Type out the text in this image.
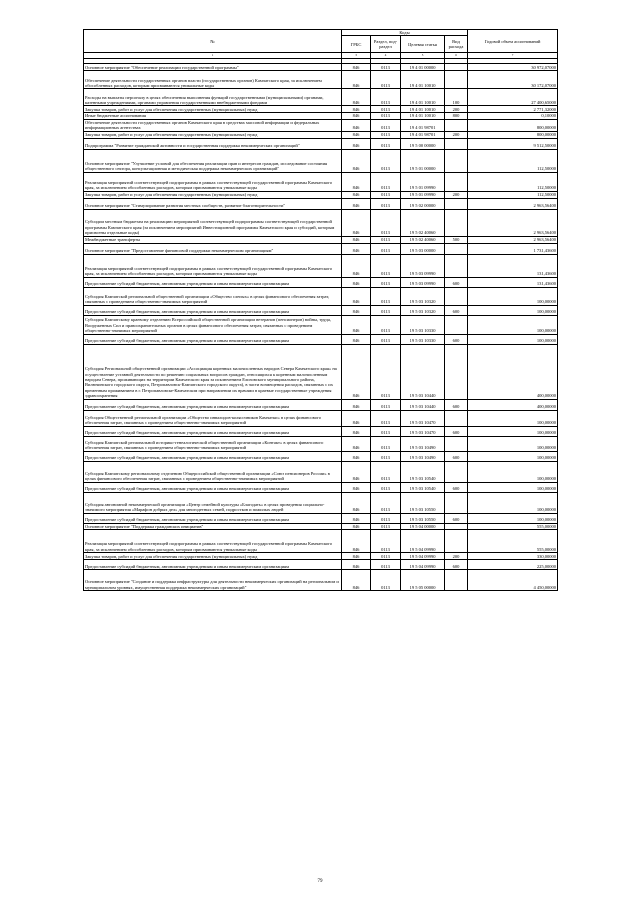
№	Коды				Годовой объем ассигнований
	ГРБС	Раздел, под-раздел	Целевая статья	Вид расхода	
1	3	4	5	6	7

Основное мероприятие "Обеспечение реализации государственной программы"	846	0113	19 4 01 00000		30 972,07000
Обеспечение деятельности государственных органов власти (государственных органов) Камчатского края, за исключением обособленных расходов, которым присваиваются уникальные коды	846	0113	19 4 01 10010		30 172,07000
Расходы на выплаты персоналу в целях обеспечения выполнения функций государственными (муниципальными) органами, казенными учреждениями, органами управления государственными внебюджетными фондами	846	0113	19 4 01 10010	100	27 400,65000
Закупка товаров, работ и услуг для обеспечения государственных (муниципальных) нужд	846	0113	19 4 01 10010	200	2 771,32000
Иные бюджетные ассигнования	846	0113	19 4 01 10010	800	0,10000
Обеспечение деятельности государственных органов Камчатского края в средствах массовой информации и федеральных информационных агентствах	846	0113	19 4 01 98701		800,00000
Закупка товаров, работ и услуг для обеспечения государственных (муниципальных) нужд	846	0113	19 4 01 98701	200	800,00000
Подпрограмма "Развитие гражданской активности и государственная поддержка некоммерческих организаций"	846	0113	19 5 00 00000		9 512,50000
Основное мероприятие "Улучшение условий для обеспечения реализации прав и интересов граждан, исследование состояния общественного сектора, консультационная и методическая поддержка некоммерческих организаций"	846	0113	19 5 01 00000		112,50000
Реализация мероприятий соответствующей подпрограммы в рамках соответствующей государственной программы Камчатского края, за исключением обособленных расходов, которым присваиваются уникальные коды	846	0113	19 5 01 09990		112,50000
Закупка товаров, работ и услуг для обеспечения государственных (муниципальных) нужд	846	0113	19 5 01 09990	200	112,50000
Основное мероприятие "Стимулирование развития местных сообществ, развитие благотворительности"	846	0113	19 5 02 00000		2 963,56400
Субсидии местным бюджетам на реализацию мероприятий соответствующей подпрограммы соответствующей государственной программы Камчатского края (за исключением мероприятий Инвестиционной программы Камчатского края и субсидий, которым присвоены отдельные коды)	846	0113	19 5 02 40060		2 963,56400
Межбюджетные трансферты	846	0113	19 5 02 40060	500	2 963,56400
Основное мероприятие "Предоставление финансовой поддержки некоммерческим организациям"	846	0113	19 5 03 00000		1 731,43600
Реализация мероприятий соответствующей подпрограммы в рамках соответствующей государственной программы Камчатского края, за исключением обособленных расходов, которым присваиваются уникальные коды	846	0113	19 5 03 09990		131,43600
Предоставление субсидий бюджетным, автономным учреждениям и иным некоммерческим организациям	846	0113	19 5 03 09990	600	131,43600
Субсидия Камчатской региональной общественной организации «Общество слепых» в целях финансового обеспечения затрат, связанных с проведением общественно-значимых мероприятий	846	0113	19 5 03 10320		100,00000
Предоставление субсидий бюджетным, автономным учреждениям и иным некоммерческим организациям	846	0113	19 5 03 10320	600	100,00000
Субсидия Камчатскому краевому отделению Всероссийской общественной организации ветеранов (пенсионеров) войны, труда, Вооруженных Сил и правоохранительных органов в целях финансового обеспечения затрат, связанных с проведением общественно-значимых мероприятий	846	0113	19 5 03 10330		100,00000
Предоставление субсидий бюджетным, автономным учреждениям и иным некоммерческим организациям	846	0113	19 5 03 10330	600	100,00000
Субсидия Региональной общественной организации «Ассоциация коренных малочисленных народов Севера Камчатского края» на осуществление уставной деятельности по решению социальных вопросов граждан, относящихся к коренным малочисленным народам Севера, проживающих на территории Камчатского края за исключением Елизовского муниципального района, Вилючинского городского округа, Петропавловск-Камчатского городского округа), в части возмещения расходов, связанных с их временным проживанием в г. Петропавловске-Камчатском при направлении их врачами в краевые государственные учреждения здравоохранения	846	0113	19 5 03 10440		400,00000
Предоставление субсидий бюджетным, автономным учреждениям и иным некоммерческим организациям	846	0113	19 5 03 10440	600	400,00000
Субсидия Общественной региональной организации «Общество инвалидов-колясочников Камчатки» в целях финансового обеспечения затрат, связанных с проведением общественно-значимых мероприятий	846	0113	19 5 03 10470		100,00000
Предоставление субсидий бюджетным, автономным учреждениям и иным некоммерческим организациям	846	0113	19 5 03 10470	600	100,00000
Субсидия Камчатской региональной историко-генеалогической общественной организации «Контакт» в целях финансового обеспечения затрат, связанных с проведением общественно-значимых мероприятий	846	0113	19 5 03 10490		100,00000
Предоставление субсидий бюджетным, автономным учреждениям и иным некоммерческим организациям	846	0113	19 5 03 10490	600	100,00000
Субсидия Камчатскому региональному отделению Общероссийской общественной организации «Союз пенсионеров России» в целях финансового обеспечения затрат, связанных с проведением общественно-значимых мероприятий	846	0113	19 5 03 10540		100,00000
Предоставление субсидий бюджетным, автономным учреждениям и иным некоммерческим организациям	846	0113	19 5 03 10540	600	100,00000
Субсидия автономной некоммерческой организации «Центр семейной культуры «Благодать» в целях проведения социально-значимого мероприятия «Марафон добрых дел» для многодетных семей, подростков и пожилых людей	846	0113	19 5 03 10550		100,00000
Предоставление субсидий бюджетным, автономным учреждениям и иным некоммерческим организациям	846	0113	19 5 03 10550	600	100,00000
Основное мероприятие "Поддержка гражданских инициатив"	846	0113	19 5 04 00000		555,00000
Реализация мероприятий соответствующей подпрограммы в рамках соответствующей государственной программы Камчатского края, за исключением обособленных расходов, которым присваиваются уникальные коды	846	0113	19 5 04 09990		555,00000
Закупка товаров, работ и услуг для обеспечения государственных (муниципальных) нужд	846	0113	19 5 04 09990	200	330,00000
Предоставление субсидий бюджетным, автономным учреждениям и иным некоммерческим организациям	846	0113	19 5 04 09990	600	225,00000
Основное мероприятие "Создание и поддержка инфраструктуры для деятельности некоммерческих организаций на региональном и муниципальном уровнях, имущественная поддержка некоммерческих организаций"	846	0113	19 5 05 00000		4 450,00000
79
